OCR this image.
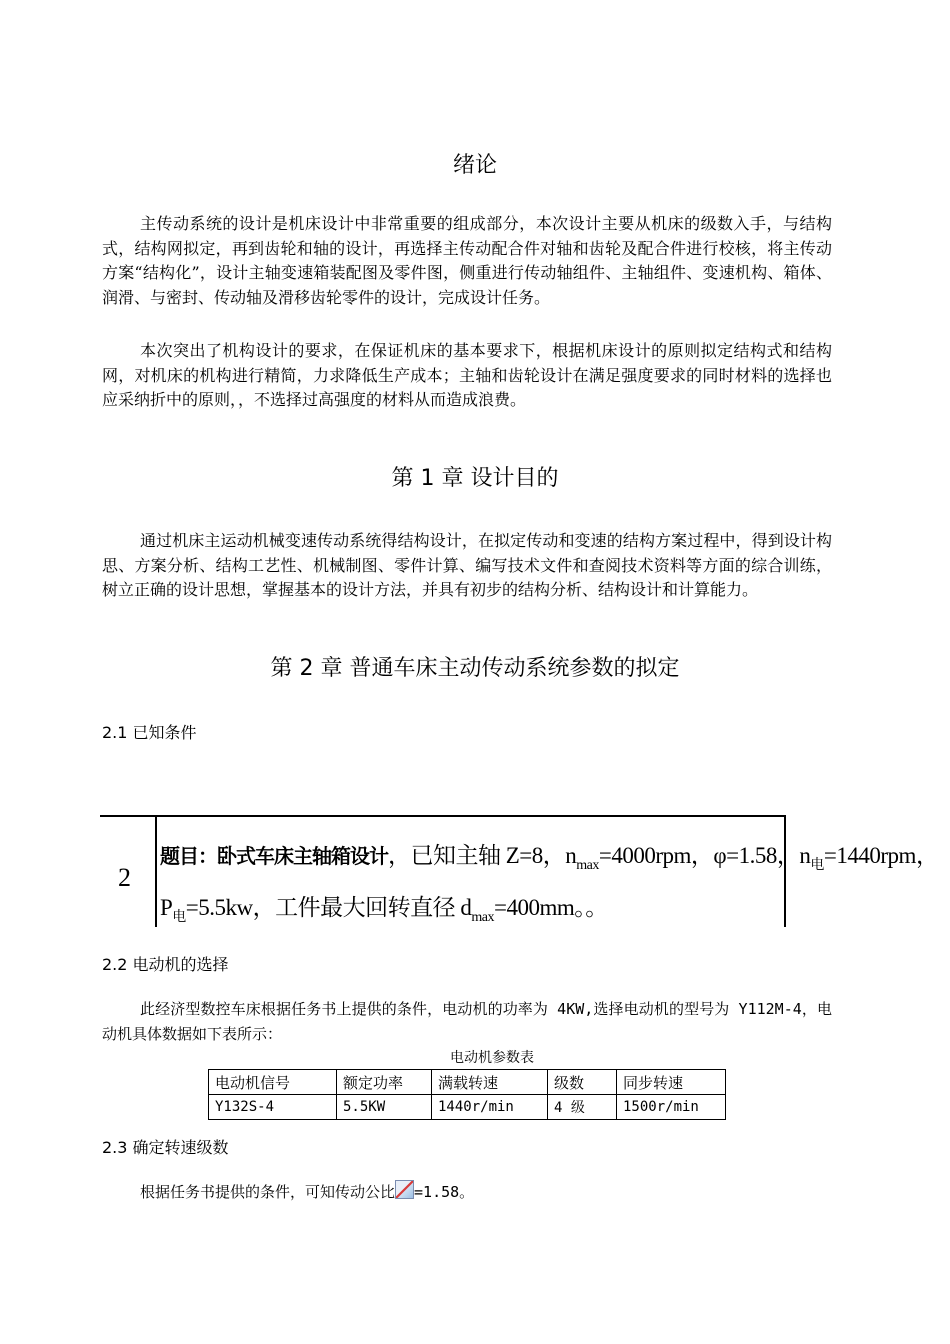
绪论

主传动系统的设计是机床设计中非常重要的组成部分，本次设计主要从机床的级数入手，与结构式，结构网拟定，再到齿轮和轴的设计，再选择主传动配合件对轴和齿轮及配合件进行校核，将主传动方案“结构化”，设计主轴变速箱装配图及零件图，侧重进行传动轴组件、主轴组件、变速机构、箱体、润滑、与密封、传动轴及滑移齿轮零件的设计，完成设计任务。

本次突出了机构设计的要求，在保证机床的基本要求下，根据机床设计的原则拟定结构式和结构网，对机床的机构进行精简，力求降低生产成本；主轴和齿轮设计在满足强度要求的同时材料的选择也应采纳折中的原则，，不选择过高强度的材料从而造成浪费。

第 1 章 设计目的

通过机床主运动机械变速传动系统得结构设计，在拟定传动和变速的结构方案过程中，得到设计构思、方案分析、结构工艺性、机械制图、零件计算、编写技术文件和查阅技术资料等方面的综合训练，树立正确的设计思想，掌握基本的设计方法，并具有初步的结构分析、结构设计和计算能力。

第 2 章 普通车床主动传动系统参数的拟定

2.1 已知条件

2
题目：卧式车床主轴箱设计，已知主轴 Z=8，$n_{max}=4000rpm$，φ=1.58，$n_电=1440rpm$，
$P_电=5.5kw$，工件最大回转直径 $d_{max}=400mm$。。

2.2 电动机的选择

此经济型数控车床根据任务书上提供的条件，电动机的功率为 4KW,选择电动机的型号为 Y112M-4，电动机具体数据如下表所示：

电动机参数表
电动机信号	额定功率	满载转速	级数	同步转速
Y132S-4	5.5KW	1440r/min	4 级	1500r/min

2.3 确定转速级数

根据任务书提供的条件，可知传动公比 =1.58。
